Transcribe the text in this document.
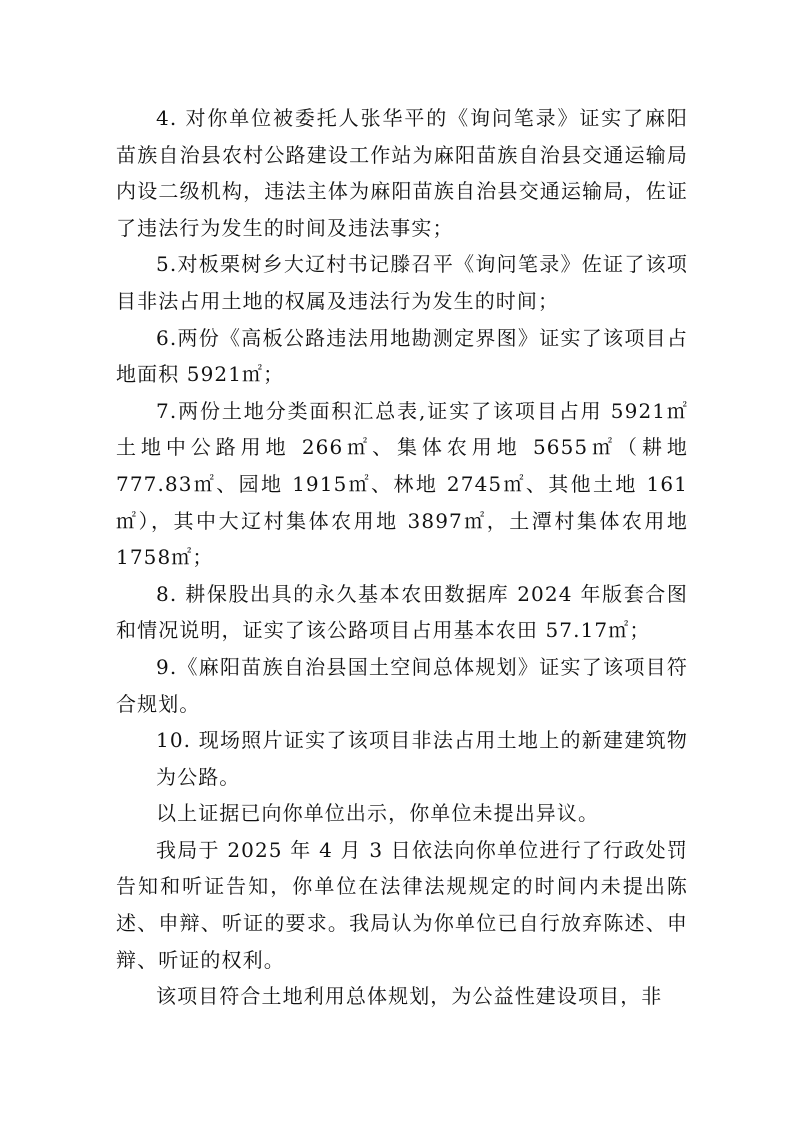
4. 对你单位被委托人张华平的《询问笔录》证实了麻阳苗族自治县农村公路建设工作站为麻阳苗族自治县交通运输局内设二级机构，违法主体为麻阳苗族自治县交通运输局，佐证了违法行为发生的时间及违法事实；

5.对板栗树乡大辽村书记滕召平《询问笔录》佐证了该项目非法占用土地的权属及违法行为发生的时间；

6.两份《高板公路违法用地勘测定界图》证实了该项目占地面积 5921㎡；

7.两份土地分类面积汇总表,证实了该项目占用 5921㎡土地中公路用地 266㎡、集体农用地 5655㎡（耕地 777.83㎡、园地 1915㎡、林地 2745㎡、其他土地 161㎡），其中大辽村集体农用地 3897㎡，土潭村集体农用地 1758㎡；

8. 耕保股出具的永久基本农田数据库 2024 年版套合图和情况说明，证实了该公路项目占用基本农田 57.17㎡；

9.《麻阳苗族自治县国土空间总体规划》证实了该项目符合规划。

10. 现场照片证实了该项目非法占用土地上的新建建筑物为公路。

以上证据已向你单位出示，你单位未提出异议。

我局于 2025 年 4 月 3 日依法向你单位进行了行政处罚告知和听证告知，你单位在法律法规规定的时间内未提出陈述、申辩、听证的要求。我局认为你单位已自行放弃陈述、申辩、听证的权利。

该项目符合土地利用总体规划，为公益性建设项目，非
